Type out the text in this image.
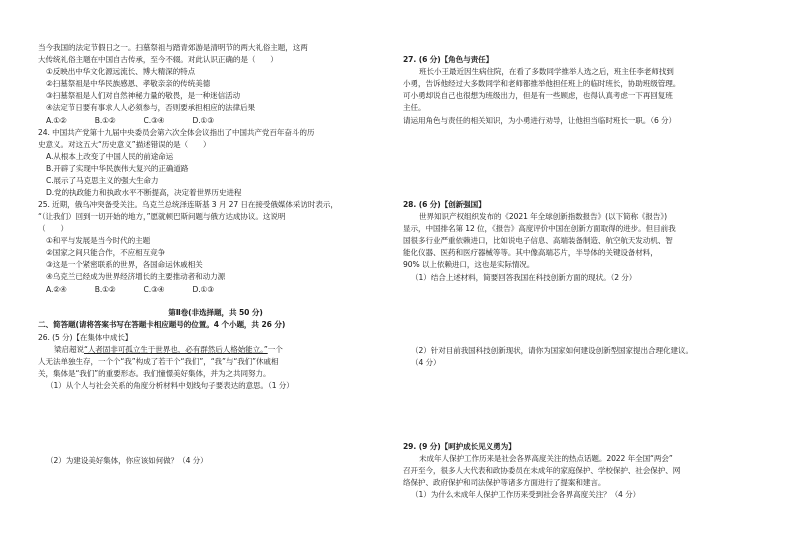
当今我国的法定节假日之一。扫墓祭祖与踏青郊游是清明节的两大礼俗主题，这两
大传统礼俗主题在中国自古传承，至今不辍。对此认识正确的是（　　）
①反映出中华文化源远流长、博大精深的特点
②扫墓祭祖是中华民族感恩、孝敬亲亲的传统美德
③扫墓祭祖是人们对自然神秘力量的敬畏，是一种迷信活动
④法定节日要有事求人人必须参与，否则要承担相应的法律后果
A.①②	B.①②	C.③④	D.①③
24. 中国共产党第十九届中央委员会第六次全体会议指出了中国共产党百年奋斗的历
史意义。对这五大“历史意义”描述错误的是（　　）
A.从根本上改变了中国人民的前途命运
B.开辟了实现中华民族伟大复兴的正确道路
C.展示了马克思主义的强大生命力
D.党的执政能力和执政水平不断提高，决定着世界历史进程
25. 近期，俄乌冲突备受关注。乌克兰总统泽连斯基 3 月 27 日在接受俄媒体采访时表示，
“（让我们）回到一切开始的地方，”愿就顿巴斯问题与俄方达成协议。这说明
（　　）
①和平与发展是当今时代的主题
②国家之间只能合作，不应相互竞争
③这是一个紧密联系的世界，各国命运休戚相关
④乌克兰已经成为世界经济增长的主要推动者和动力源
A.②④	B.①②	C.③④	D.①③
第Ⅱ卷(非选择题，共 50 分)
二、简答题(请将答案书写在答题卡相应题号的位置。4 个小题，共 26 分)
26. (5 分)【在集体中成长】
梁启超说“人者固非可孤立生于世界也，必有群然后人格始能立。”一个
人无法单独生存，一个个“我”构成了若干个“我们”，“我”与“我们”休戚相
关，集体是“我们”的重要形态。我们憧憬美好集体，并为之共同努力。
（1）从个人与社会关系的角度分析材料中划线句子要表达的意思。（1 分）
（2）为建设美好集体，你应该如何做？（4 分）
27. (6 分)【角色与责任】
班长小王最近因生病住院，在看了多数同学推举人选之后，班主任李老师找到
小勇，告诉他经过大多数同学和老师都推举他担任班上的临时班长，协助班级管理。
可小勇却说自己也很想为班级出力，但是有一些顾虑，也得认真考虑一下再回复班
主任。
请运用角色与责任的相关知识，为小勇进行劝导，让他担当临时班长一职。（6 分）
28. (6 分)【创新强国】
世界知识产权组织发布的《2021 年全球创新指数报告》(以下简称《报告》)
显示，中国排名第 12 位，《报告》高度评价中国在创新方面取得的进步。但目前我
国很多行业严重依赖进口，比如说电子信息、高端装备制造、航空航天发动机、智
能化仪器、医药和医疗器械等等。其中像高端芯片，半导体的关键设备材料，
90% 以上依赖进口，这也是实际情况。
（1）结合上述材料，简要回答我国在科技创新方面的现状。（2 分）
（2）针对目前我国科技创新现状，请你为国家如何建设创新型国家提出合理化建议。
（4 分）
29. (9 分)【呵护成长见义勇为】
未成年人保护工作历来是社会各界高度关注的热点话题。2022 年全国“两会”
召开至今，很多人大代表和政协委员在未成年的家庭保护、学校保护、社会保护、网
络保护、政府保护和司法保护等诸多方面进行了提案和建言。
（1）为什么未成年人保护工作历来受到社会各界高度关注？（4 分）
